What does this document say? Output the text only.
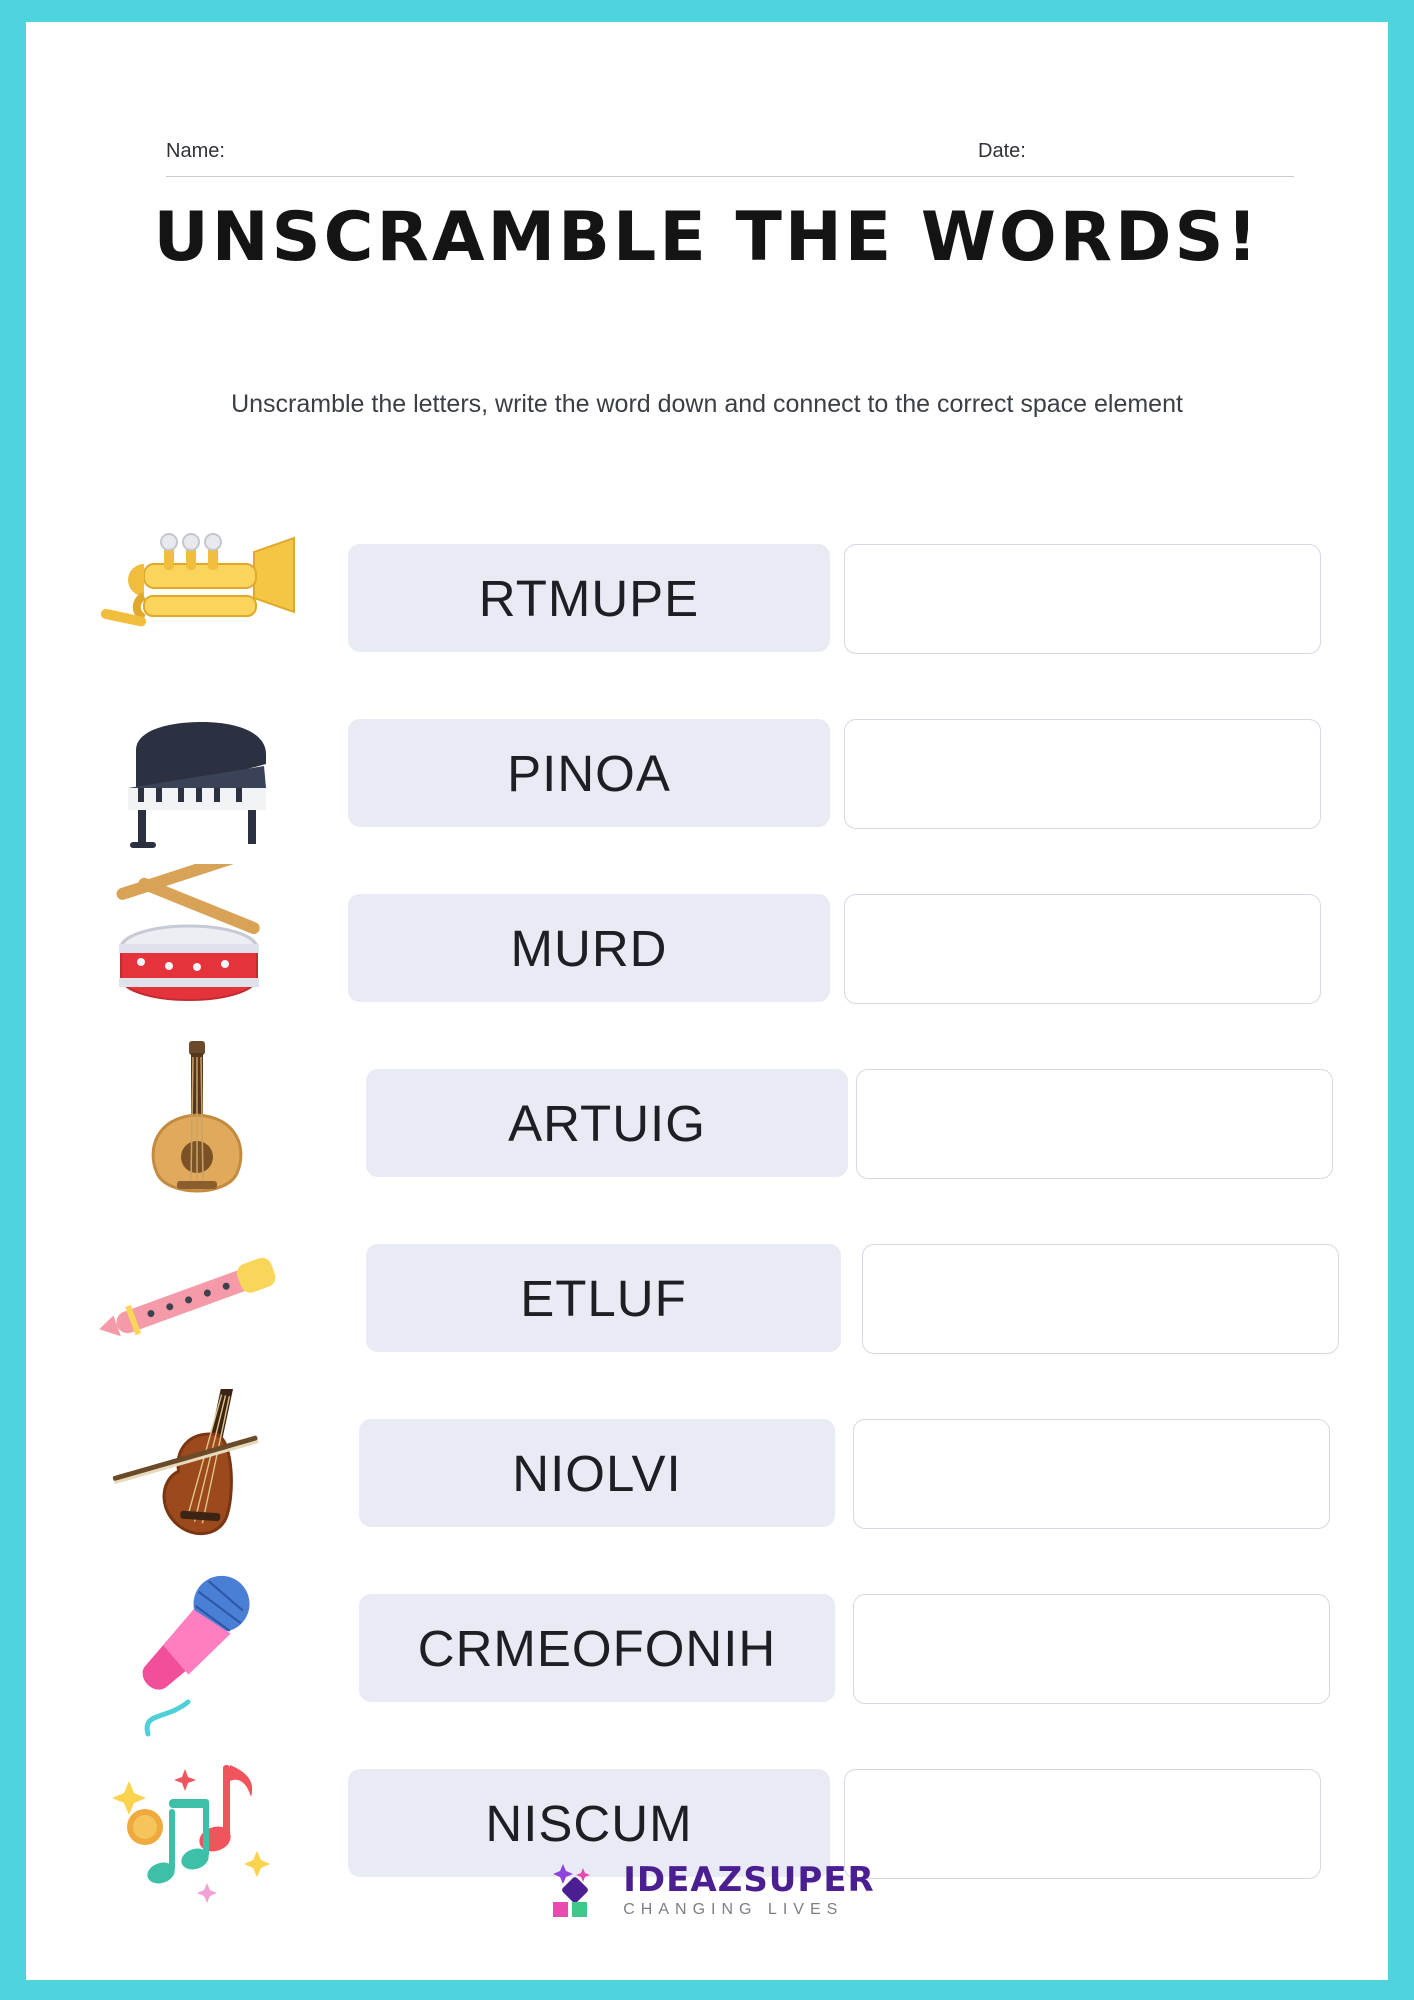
Name:	Date:
UNSCRAMBLE THE WORDS!
Unscramble the letters, write the word down and connect to the correct space element
RTMUPE
PINOA
MURD
ARTUIG
ETLUF
NIOLVI
CRMEOFONIH
NISCUM
IDEAZSUPER
CHANGING LIVES
